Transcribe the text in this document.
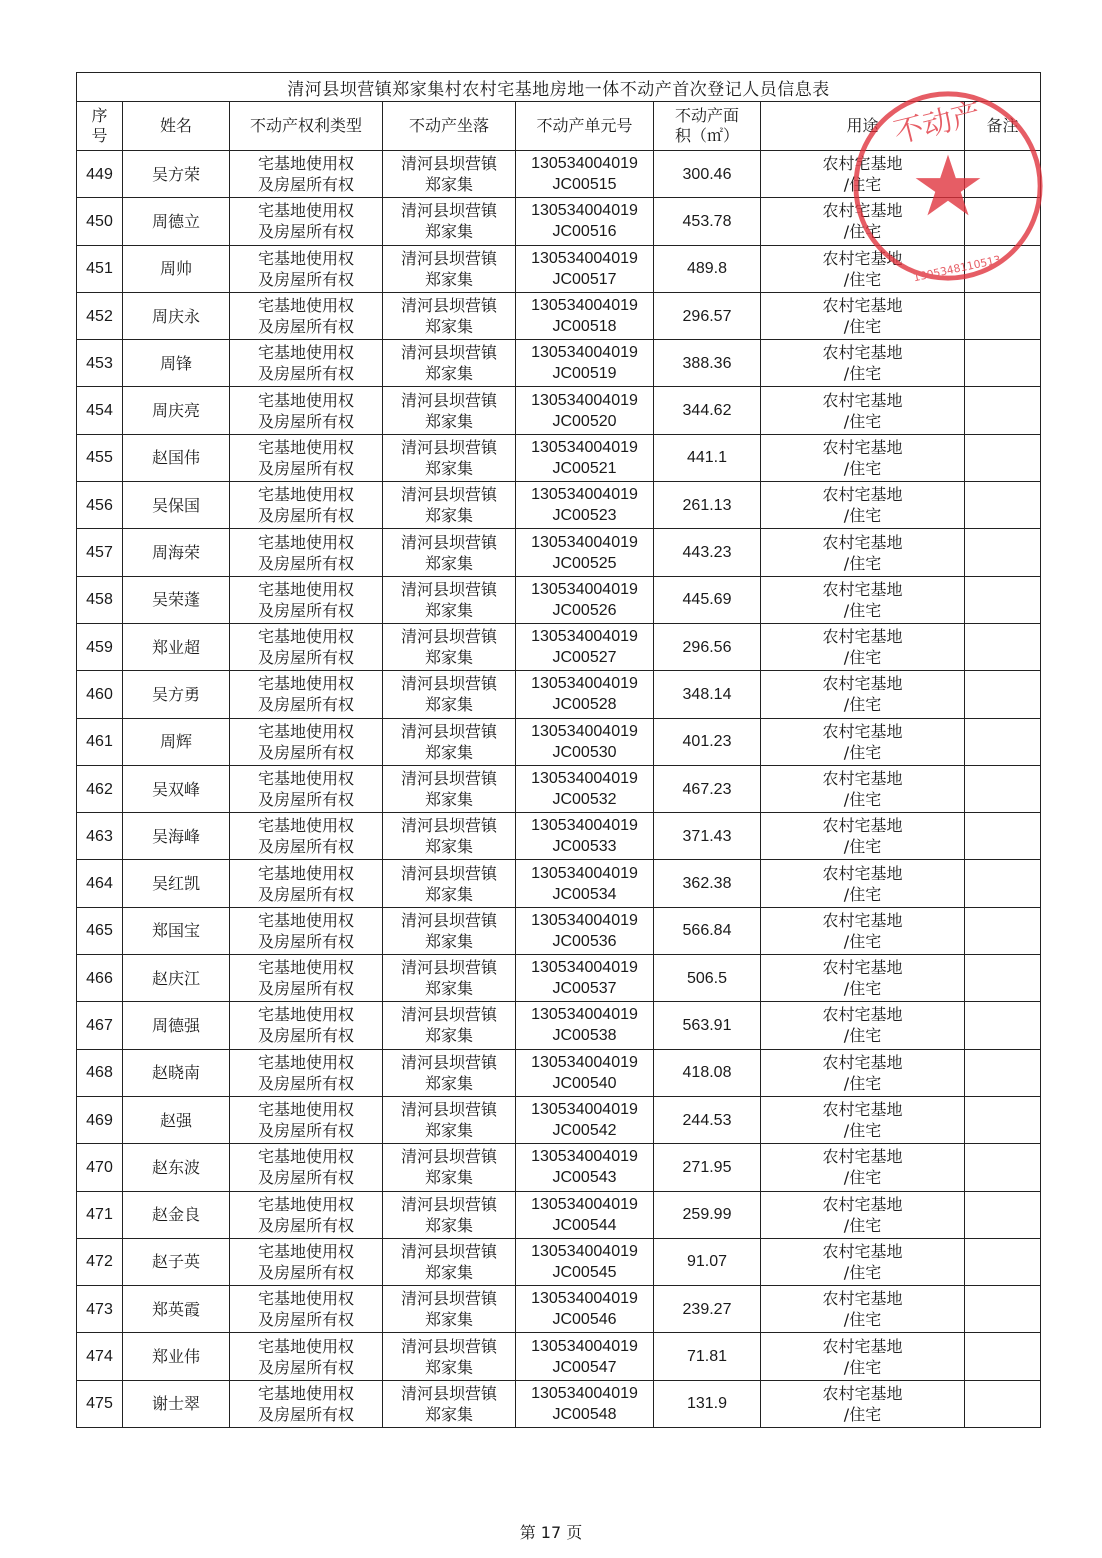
清河县坝营镇郑家集村农村宅基地房地一体不动产首次登记人员信息表							

序
号	姓名	不动产权利类型	不动产坐落	不动产单元号	不动产面
积（㎡）	用途	备注
449	吴方荣	宅基地使用权
及房屋所有权	清河县坝营镇
郑家集	130534004019
JC00515	300.46	农村宅基地
/住宅	

450	周德立	宅基地使用权
及房屋所有权	清河县坝营镇
郑家集	130534004019
JC00516	453.78	农村宅基地
/住宅	

451	周帅	宅基地使用权
及房屋所有权	清河县坝营镇
郑家集	130534004019
JC00517	489.8	农村宅基地
/住宅	

452	周庆永	宅基地使用权
及房屋所有权	清河县坝营镇
郑家集	130534004019
JC00518	296.57	农村宅基地
/住宅	

453	周锋	宅基地使用权
及房屋所有权	清河县坝营镇
郑家集	130534004019
JC00519	388.36	农村宅基地
/住宅	

454	周庆亮	宅基地使用权
及房屋所有权	清河县坝营镇
郑家集	130534004019
JC00520	344.62	农村宅基地
/住宅	

455	赵国伟	宅基地使用权
及房屋所有权	清河县坝营镇
郑家集	130534004019
JC00521	441.1	农村宅基地
/住宅	

456	吴保国	宅基地使用权
及房屋所有权	清河县坝营镇
郑家集	130534004019
JC00523	261.13	农村宅基地
/住宅	

457	周海荣	宅基地使用权
及房屋所有权	清河县坝营镇
郑家集	130534004019
JC00525	443.23	农村宅基地
/住宅	

458	吴荣蓬	宅基地使用权
及房屋所有权	清河县坝营镇
郑家集	130534004019
JC00526	445.69	农村宅基地
/住宅	

459	郑业超	宅基地使用权
及房屋所有权	清河县坝营镇
郑家集	130534004019
JC00527	296.56	农村宅基地
/住宅	

460	吴方勇	宅基地使用权
及房屋所有权	清河县坝营镇
郑家集	130534004019
JC00528	348.14	农村宅基地
/住宅	

461	周辉	宅基地使用权
及房屋所有权	清河县坝营镇
郑家集	130534004019
JC00530	401.23	农村宅基地
/住宅	

462	吴双峰	宅基地使用权
及房屋所有权	清河县坝营镇
郑家集	130534004019
JC00532	467.23	农村宅基地
/住宅	

463	吴海峰	宅基地使用权
及房屋所有权	清河县坝营镇
郑家集	130534004019
JC00533	371.43	农村宅基地
/住宅	

464	吴红凯	宅基地使用权
及房屋所有权	清河县坝营镇
郑家集	130534004019
JC00534	362.38	农村宅基地
/住宅	

465	郑国宝	宅基地使用权
及房屋所有权	清河县坝营镇
郑家集	130534004019
JC00536	566.84	农村宅基地
/住宅	

466	赵庆江	宅基地使用权
及房屋所有权	清河县坝营镇
郑家集	130534004019
JC00537	506.5	农村宅基地
/住宅	

467	周德强	宅基地使用权
及房屋所有权	清河县坝营镇
郑家集	130534004019
JC00538	563.91	农村宅基地
/住宅	

468	赵晓南	宅基地使用权
及房屋所有权	清河县坝营镇
郑家集	130534004019
JC00540	418.08	农村宅基地
/住宅	

469	赵强	宅基地使用权
及房屋所有权	清河县坝营镇
郑家集	130534004019
JC00542	244.53	农村宅基地
/住宅	

470	赵东波	宅基地使用权
及房屋所有权	清河县坝营镇
郑家集	130534004019
JC00543	271.95	农村宅基地
/住宅	

471	赵金良	宅基地使用权
及房屋所有权	清河县坝营镇
郑家集	130534004019
JC00544	259.99	农村宅基地
/住宅	

472	赵子英	宅基地使用权
及房屋所有权	清河县坝营镇
郑家集	130534004019
JC00545	91.07	农村宅基地
/住宅	

473	郑英霞	宅基地使用权
及房屋所有权	清河县坝营镇
郑家集	130534004019
JC00546	239.27	农村宅基地
/住宅	

474	郑业伟	宅基地使用权
及房屋所有权	清河县坝营镇
郑家集	130534004019
JC00547	71.81	农村宅基地
/住宅	

475	谢士翠	宅基地使用权
及房屋所有权	清河县坝营镇
郑家集	130534004019
JC00548	131.9	农村宅基地
/住宅	

不动产
1305348110513
第 17 页
